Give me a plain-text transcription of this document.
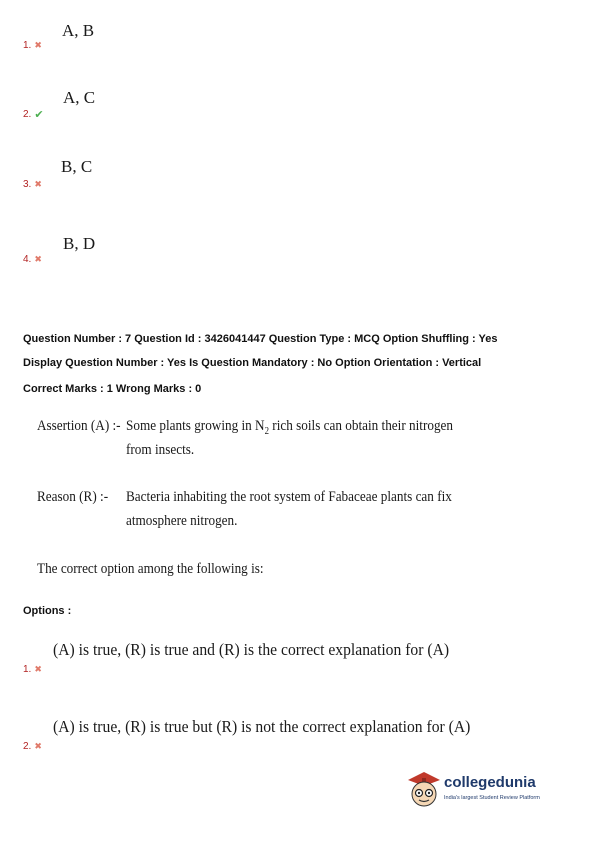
1. ✖
A, B
2. ✔
A, C
3. ✖
B, C
4. ✖
B, D
Question Number : 7 Question Id : 3426041447 Question Type : MCQ Option Shuffling : Yes
Display Question Number : Yes Is Question Mandatory : No Option Orientation : Vertical
Correct Marks : 1 Wrong Marks : 0
Assertion (A) :- Some plants growing in $N_2$ rich soils can obtain their nitrogen
from insects.
Reason (R) :- Bacteria inhabiting the root system of Fabaceae plants can fix
atmosphere nitrogen.
The correct option among the following is:
Options :
1. ✖
(A) is true, (R) is true and (R) is the correct explanation for (A)
2. ✖
(A) is true, (R) is true but (R) is not the correct explanation for (A)
collegedunia
India's largest Student Review Platform
